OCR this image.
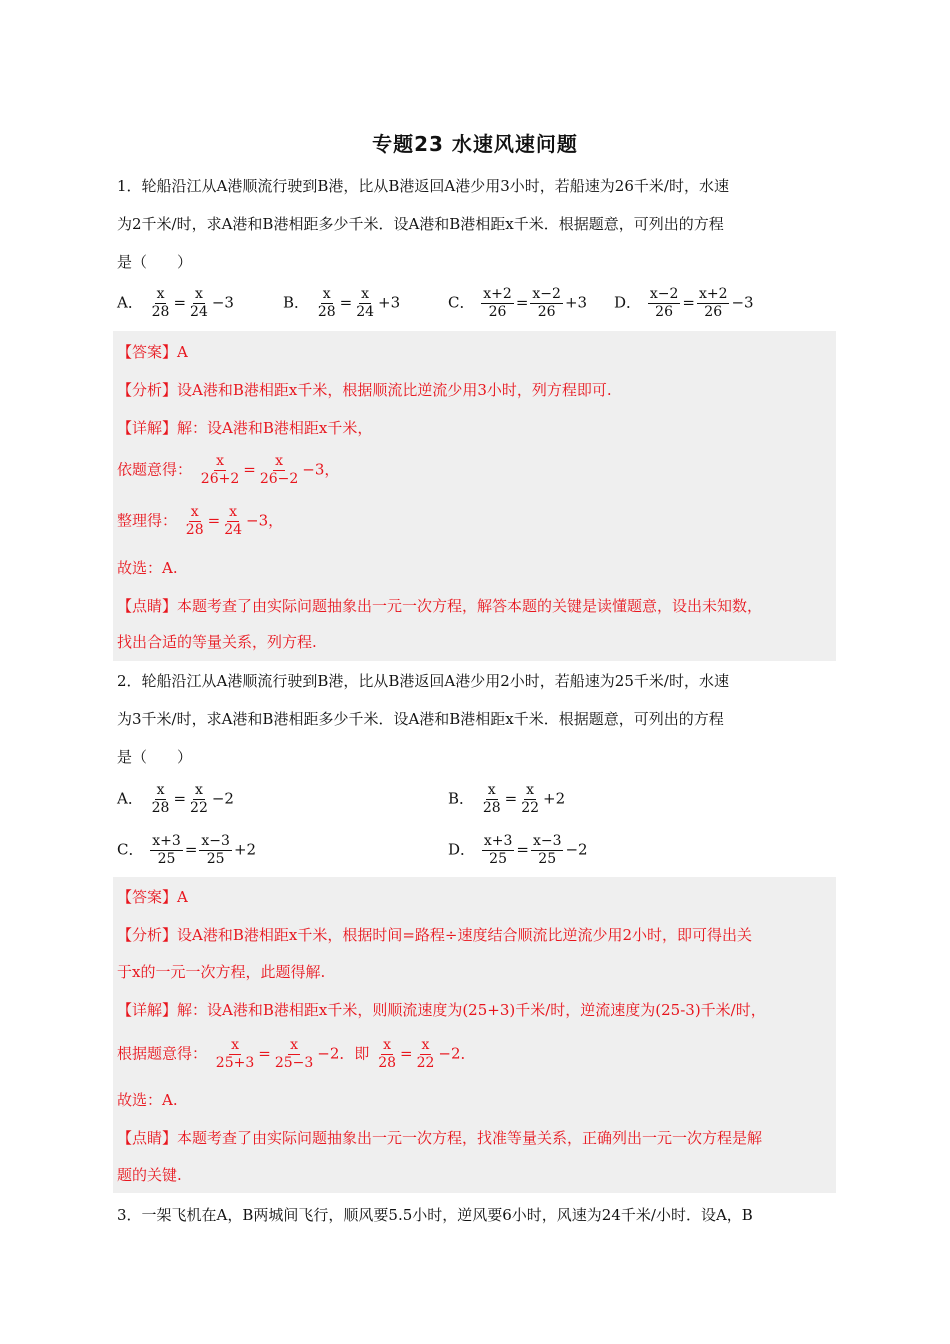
专题23 水速风速问题
1．轮船沿江从A港顺流行驶到B港，比从B港返回A港少用3小时，若船速为26千米/时，水速
为2千米/时，求A港和B港相距多少千米．设A港和B港相距x千米．根据题意，可列出的方程
是（　　）
A． $\frac{x}{28} = \frac{x}{24} -3$	B． $\frac{x}{28} = \frac{x}{24} +3$	C． $\frac{x+2}{26} = \frac{x-2}{26} +3$ D． $\frac{x-2}{26} = \frac{x+2}{26} -3$
【答案】A
【分析】设A港和B港相距x千米，根据顺流比逆流少用3小时，列方程即可.
【详解】解：设A港和B港相距x千米，
依题意得： $\frac{x}{26+2} = \frac{x}{26-2} -3$，
整理得： $\frac{x}{28} = \frac{x}{24} -3$，
故选：A.
【点睛】本题考查了由实际问题抽象出一元一次方程，解答本题的关键是读懂题意，设出未知数，
找出合适的等量关系，列方程.
2．轮船沿江从A港顺流行驶到B港，比从B港返回A港少用2小时，若船速为25千米/时，水速
为3千米/时，求A港和B港相距多少千米．设A港和B港相距x千米．根据题意，可列出的方程
是（　　）
A． $\frac{x}{28} = \frac{x}{22} -2$	B． $\frac{x}{28} = \frac{x}{22} +2$
C． $\frac{x+3}{25} = \frac{x-3}{25} +2$	D． $\frac{x+3}{25} = \frac{x-3}{25} -2$
【答案】A
【分析】设A港和B港相距x千米，根据时间=路程÷速度结合顺流比逆流少用2小时，即可得出关
于x的一元一次方程，此题得解.
【详解】解：设A港和B港相距x千米，则顺流速度为(25+3)千米/时，逆流速度为(25-3)千米/时，
根据题意得： $\frac{x}{25+3} = \frac{x}{25-3} -2$．即 $\frac{x}{28} = \frac{x}{22} -2$．
故选：A.
【点睛】本题考查了由实际问题抽象出一元一次方程，找准等量关系，正确列出一元一次方程是解
题的关键.
3．一架飞机在A，B两城间飞行，顺风要5.5小时，逆风要6小时，风速为24千米/小时．设A，B
